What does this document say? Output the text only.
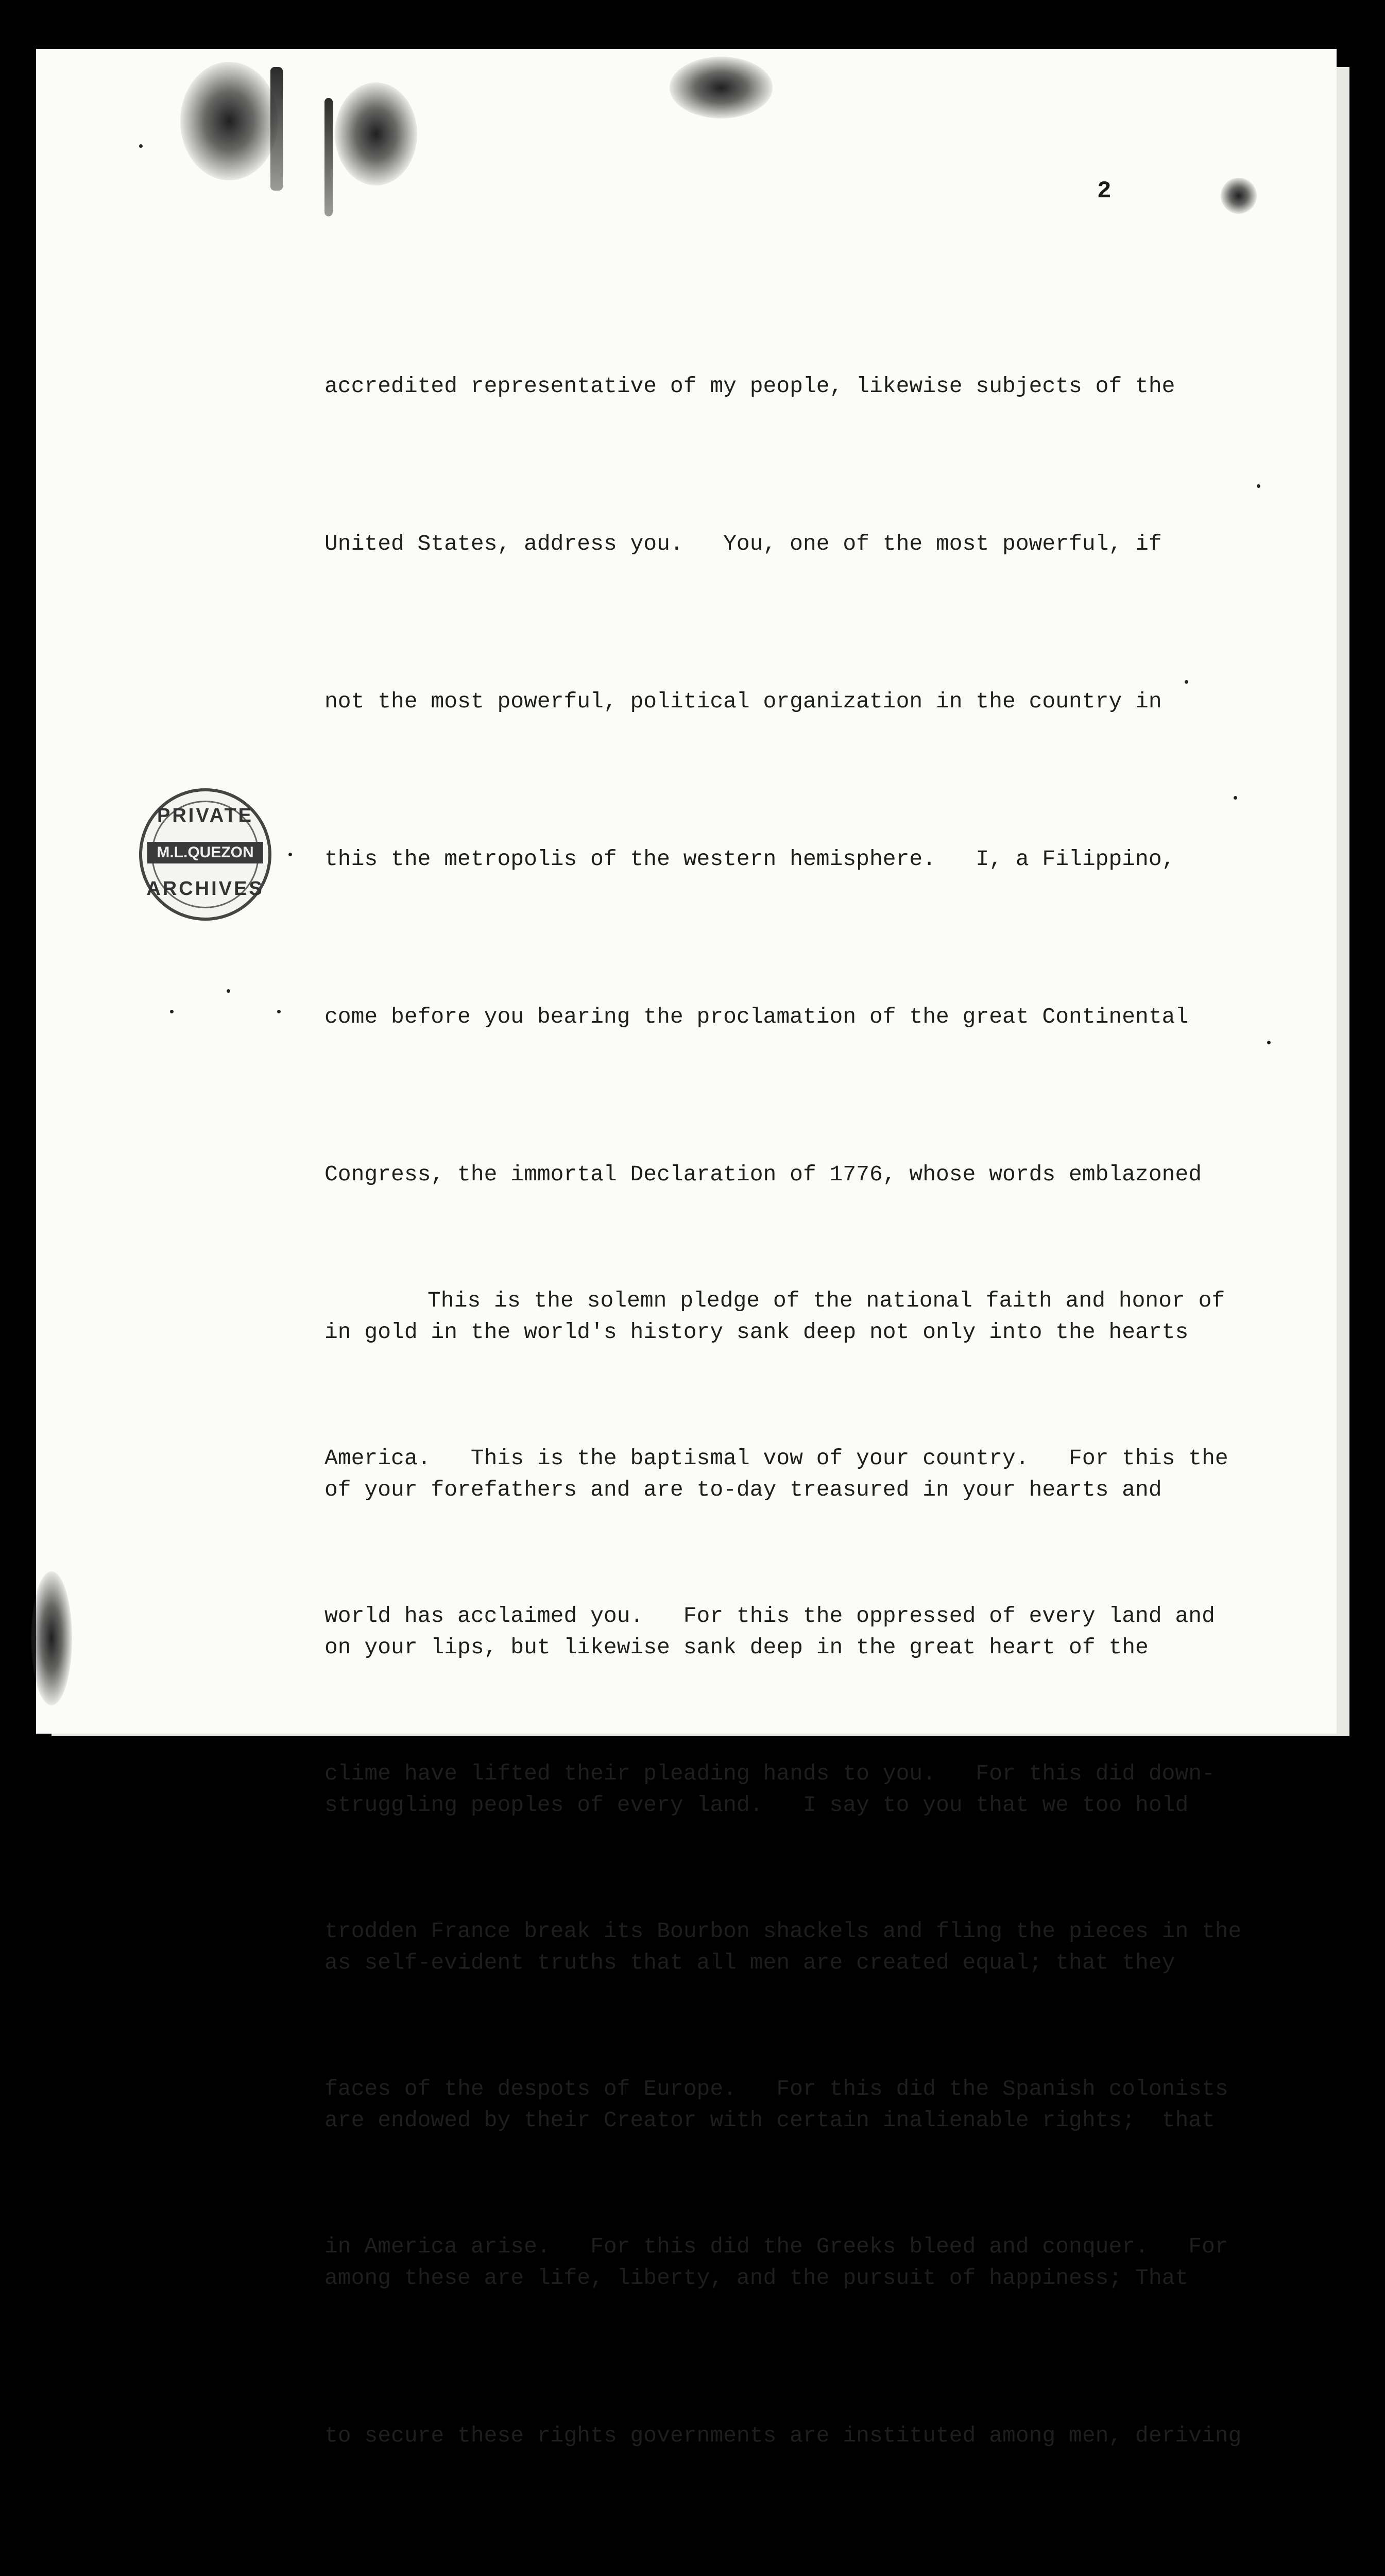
2

accredited representative of my people, likewise subjects of the

United States, address you.   You, one of the most powerful, if

not the most powerful, political organization in the country in

this the metropolis of the western hemisphere.   I, a Filippino,

come before you bearing the proclamation of the great Continental

Congress, the immortal Declaration of 1776, whose words emblazoned

in gold in the world's history sank deep not only into the hearts

of your forefathers and are to-day treasured in your hearts and

on your lips, but likewise sank deep in the great heart of the

struggling peoples of every land.   I say to you that we too hold

as self-evident truths that all men are created equal; that they

are endowed by their Creator with certain inalienable rights;  that

among these are life, liberty, and the pursuit of happiness; That

to secure these rights governments are instituted among men, deriving

This is the solemn pledge of the national faith and honor of

America.   This is the baptismal vow of your country.   For this the

world has acclaimed you.   For this the oppressed of every land and

clime have lifted their pleading hands to you.   For this did down-

trodden France break its Bourbon shackels and fling the pieces in the

faces of the despots of Europe.   For this did the Spanish colonists

in America arise.   For this did the Greeks bleed and conquer.   For

PRIVATE
M.L.QUEZON
ARCHIVES
